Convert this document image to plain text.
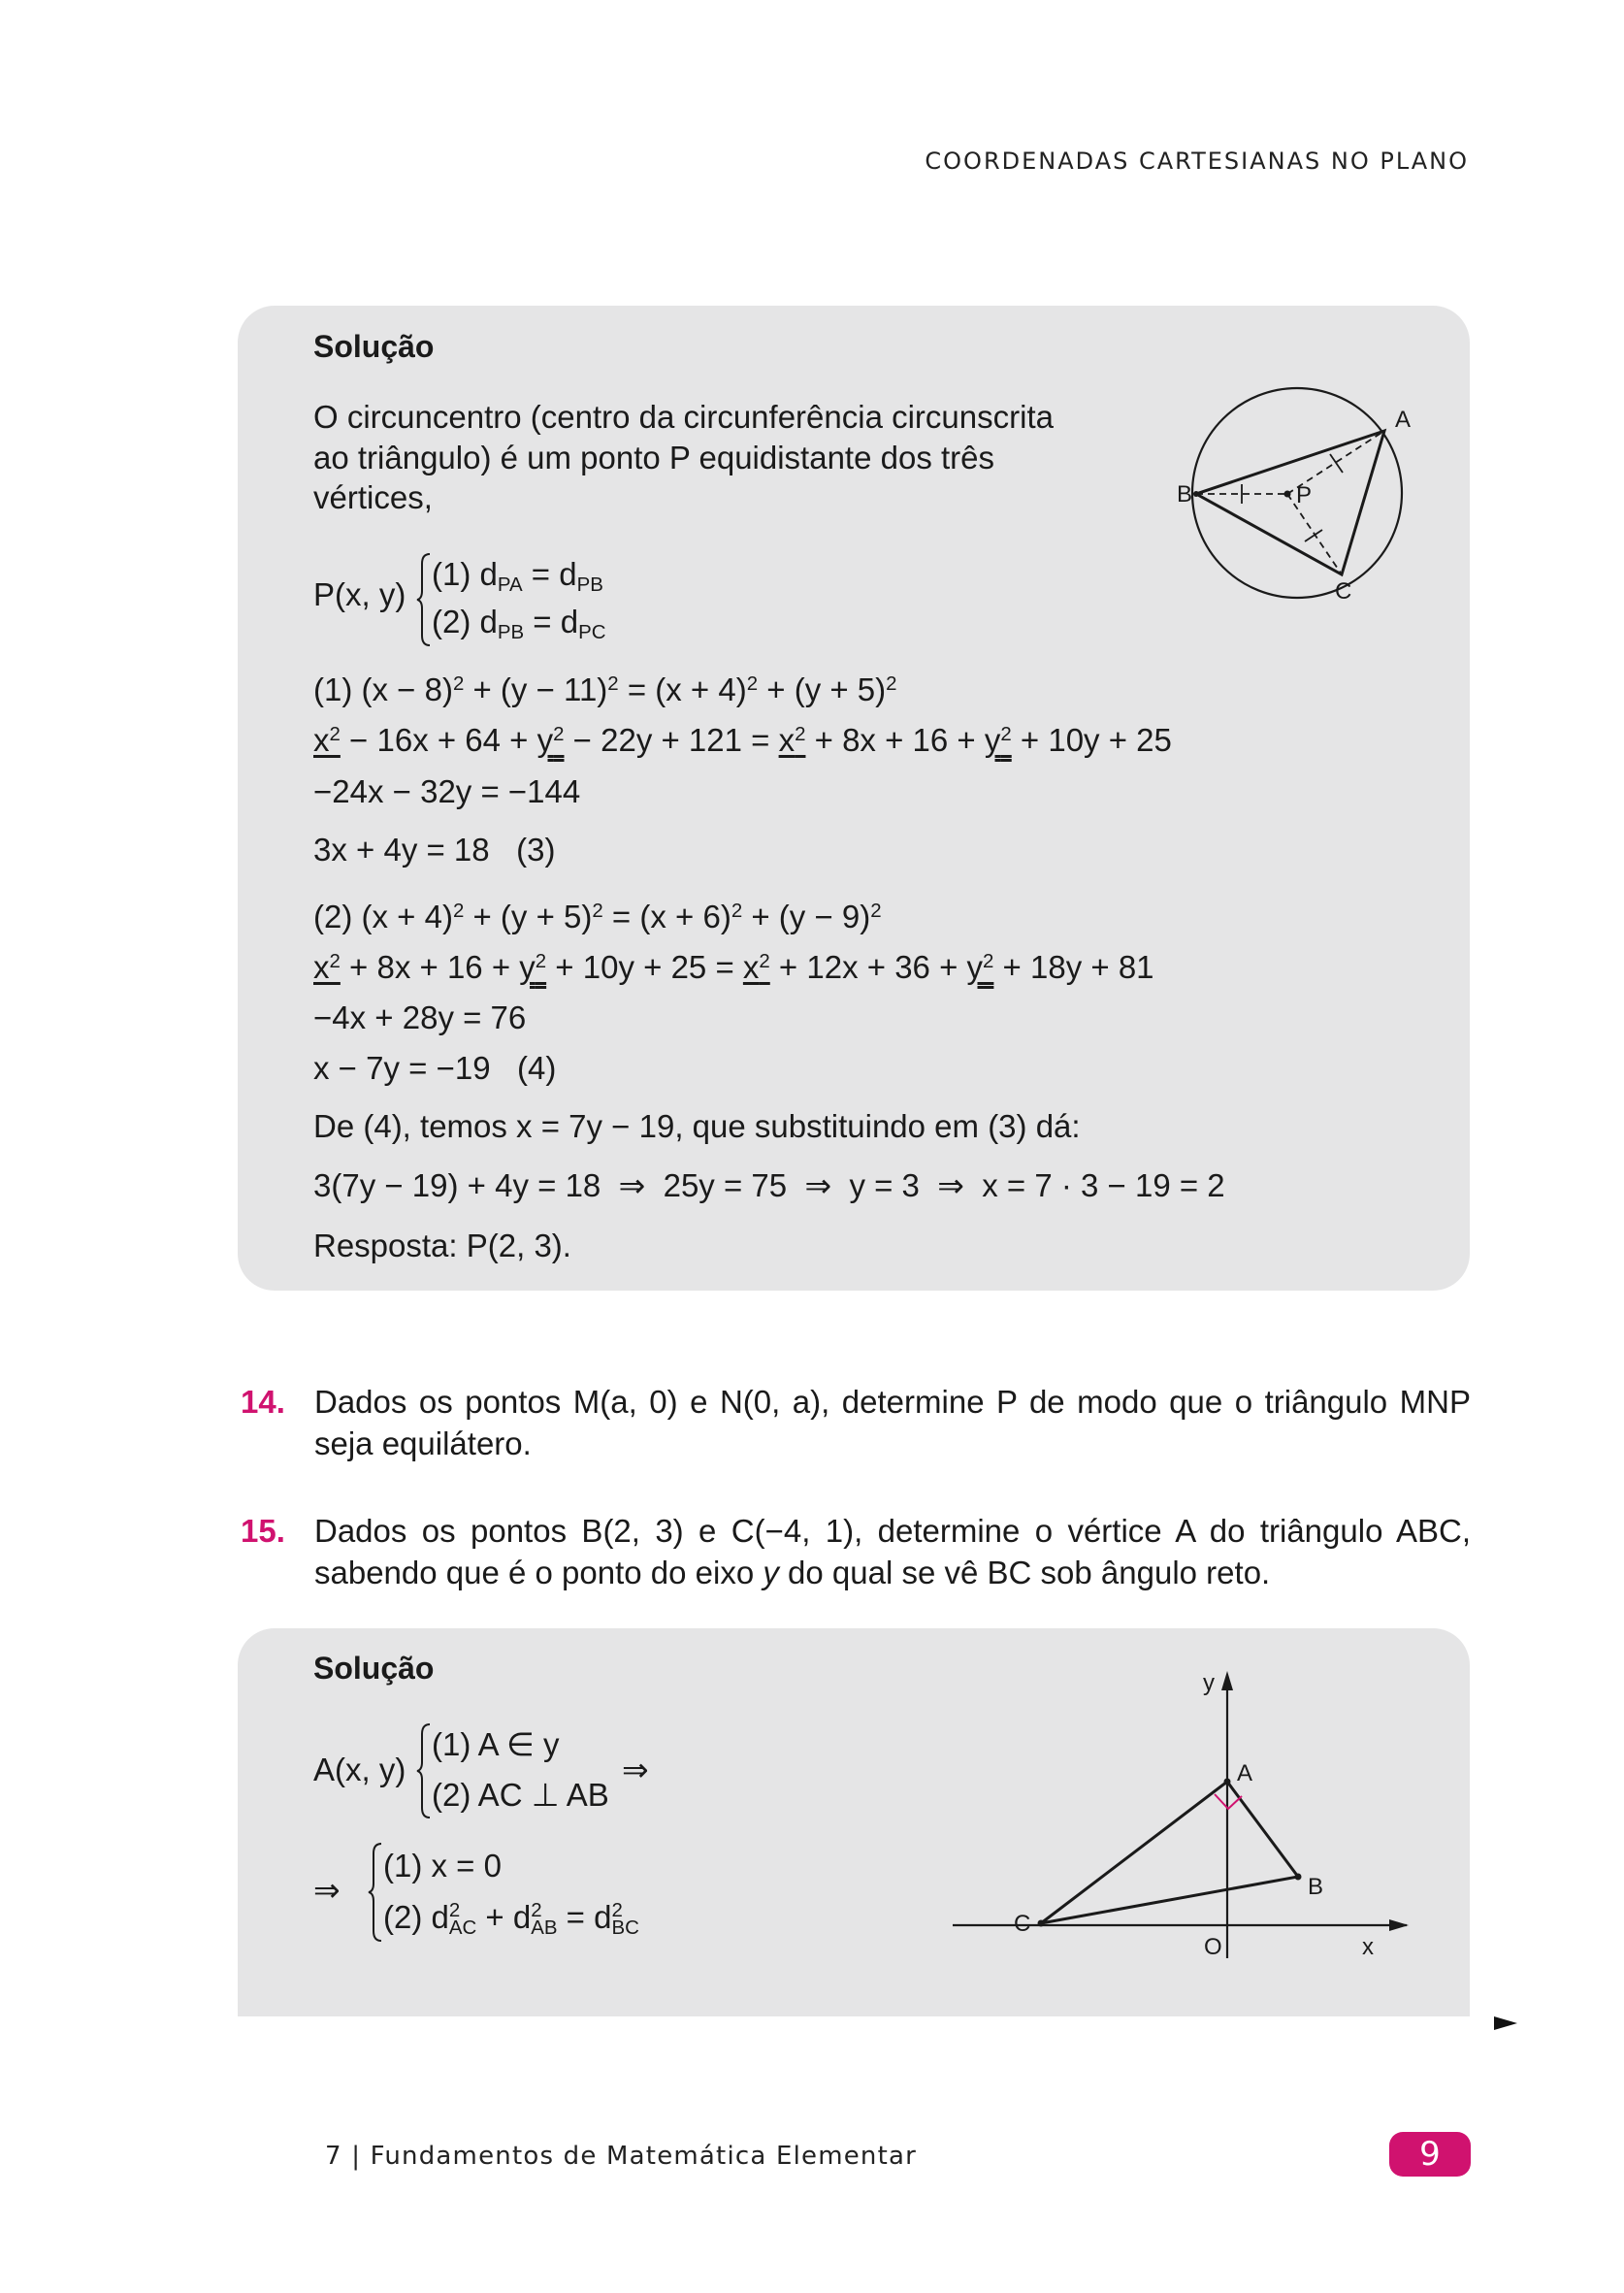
COORDENADAS CARTESIANAS NO PLANO
Solução
O circuncentro (centro da circunferência circunscrita
ao triângulo) é um ponto P equidistante dos três
vértices,
P(x, y)
(1) $d_{PA} = d_{PB}$
(2) $d_{PB} = d_{PC}$
(1) $(x - 8)^2 + (y - 11)^2 = (x + 4)^2 + (y + 5)^2$
$x^2 - 16x + 64 + y^2 - 22y + 121 = x^2 + 8x + 16 + y^2 + 10y + 25$
−24x − 32y = −144
3x + 4y = 18   (3)
(2) $(x + 4)^2 + (y + 5)^2 = (x + 6)^2 + (y - 9)^2$
$x^2 + 8x + 16 + y^2 + 10y + 25 = x^2 + 12x + 36 + y^2 + 18y + 81$
−4x + 28y = 76
x − 7y = −19   (4)
De (4), temos x = 7y − 19, que substituindo em (3) dá:
3(7y − 19) + 4y = 18  ⇒  25y = 75  ⇒  y = 3  ⇒  x = 7 · 3 − 19 = 2
Resposta: P(2, 3).
A
B	P
C
14. Dados os pontos M(a, 0) e N(0, a), determine P de modo que o triângulo MNP seja equilátero.
15. Dados os pontos B(2, 3) e C(−4, 1), determine o vértice A do triângulo ABC, sabendo que é o ponto do eixo y do qual se vê BC sob ângulo reto.
Solução
A(x, y)
(1) A ∈ y
(2) AC ⊥ AB
⇒
⇒
(1) x = 0
(2) d 2
AC + d 2
AB = d 2
BC
y
A
B
C
O	x
7 | Fundamentos de Matemática Elementar	9
